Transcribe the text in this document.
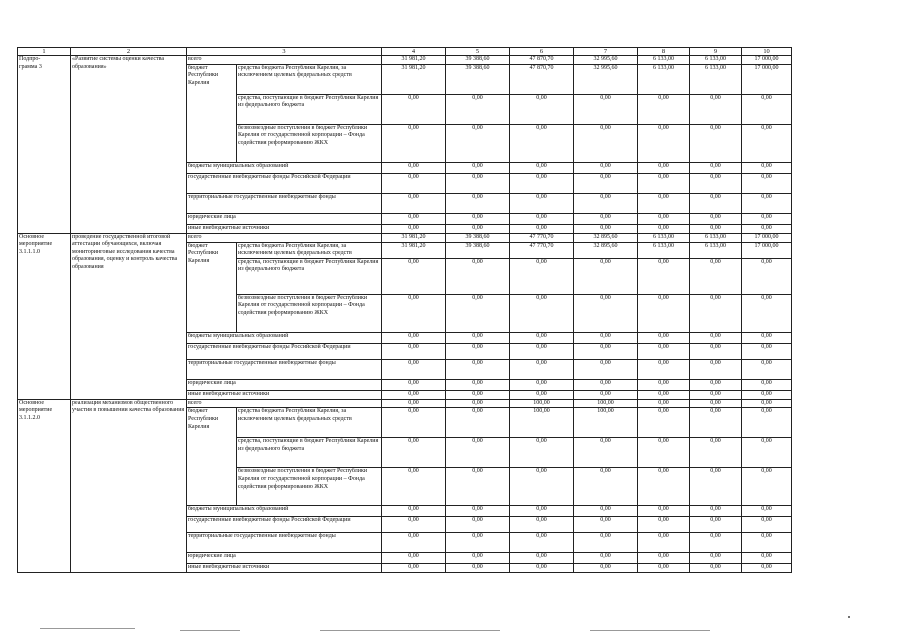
1	2	3		4	5	6	7	8	9	10
Подпро-
грамма 3	«Развитие системы оценки качества образования»	всего		31 981,20	39 388,60	47 870,70	32 995,60	6 133,00	6 133,00	17 000,00
		бюджет Республики Карелия	средства бюджета Республики Карелия, за исключением целевых федеральных средств	31 981,20	39 388,60	47 870,70	32 995,60	6 133,00	6 133,00	17 000,00
			средства, поступающие в бюджет Республики Карелия из федерального бюджета	0,00	0,00	0,00	0,00	0,00	0,00	0,00
			безвозмездные поступления в бюджет Республики Карелия от государственной корпорации – Фонда содействия реформированию ЖКХ	0,00	0,00	0,00	0,00	0,00	0,00	0,00
		бюджеты муниципальных образований		0,00	0,00	0,00	0,00	0,00	0,00	0,00
		государственные внебюджетные фонды Российской Федерации		0,00	0,00	0,00	0,00	0,00	0,00	0,00
		территориальные государственные внебюджетные фонды		0,00	0,00	0,00	0,00	0,00	0,00	0,00
		юридические лица		0,00	0,00	0,00	0,00	0,00	0,00	0,00
		иные внебюджетные источники		0,00	0,00	0,00	0,00	0,00	0,00	0,00
Основное мероприятие 3.1.1.1.0	проведение государственной итоговой аттестации обучающихся, включая мониторинговые исследования качества образования, оценку и контроль качества образования	всего		31 981,20	39 388,60	47 770,70	32 895,60	6 133,00	6 133,00	17 000,00
		бюджет Республики Карелия	средства бюджета Республики Карелия, за исключением целевых федеральных средств	31 981,20	39 388,60	47 770,70	32 895,60	6 133,00	6 133,00	17 000,00
			средства, поступающие в бюджет Республики Карелия из федерального бюджета	0,00	0,00	0,00	0,00	0,00	0,00	0,00
			безвозмездные поступления в бюджет Республики Карелия от государственной корпорации – Фонда содействия реформированию ЖКХ	0,00	0,00	0,00	0,00	0,00	0,00	0,00
		бюджеты муниципальных образований		0,00	0,00	0,00	0,00	0,00	0,00	0,00
		государственные внебюджетные фонды Российской Федерации		0,00	0,00	0,00	0,00	0,00	0,00	0,00
		территориальные государственные внебюджетные фонды		0,00	0,00	0,00	0,00	0,00	0,00	0,00
		юридические лица		0,00	0,00	0,00	0,00	0,00	0,00	0,00
		иные внебюджетные источники		0,00	0,00	0,00	0,00	0,00	0,00	0,00
Основное мероприятие 3.1.1.2.0	реализация механизмов общественного участия в повышении качества образования	всего		0,00	0,00	100,00	100,00	0,00	0,00	0,00
		бюджет Республики Карелия	средства бюджета Республики Карелия, за исключением целевых федеральных средств	0,00	0,00	100,00	100,00	0,00	0,00	0,00
			средства, поступающие в бюджет Республики Карелия из федерального бюджета	0,00	0,00	0,00	0,00	0,00	0,00	0,00
			безвозмездные поступления в бюджет Республики Карелия от государственной корпорации – Фонда содействия реформированию ЖКХ	0,00	0,00	0,00	0,00	0,00	0,00	0,00
		бюджеты муниципальных образований		0,00	0,00	0,00	0,00	0,00	0,00	0,00
		государственные внебюджетные фонды Российской Федерации		0,00	0,00	0,00	0,00	0,00	0,00	0,00
		территориальные государственные внебюджетные фонды		0,00	0,00	0,00	0,00	0,00	0,00	0,00
		юридические лица		0,00	0,00	0,00	0,00	0,00	0,00	0,00
		иные внебюджетные источники		0,00	0,00	0,00	0,00	0,00	0,00	0,00
